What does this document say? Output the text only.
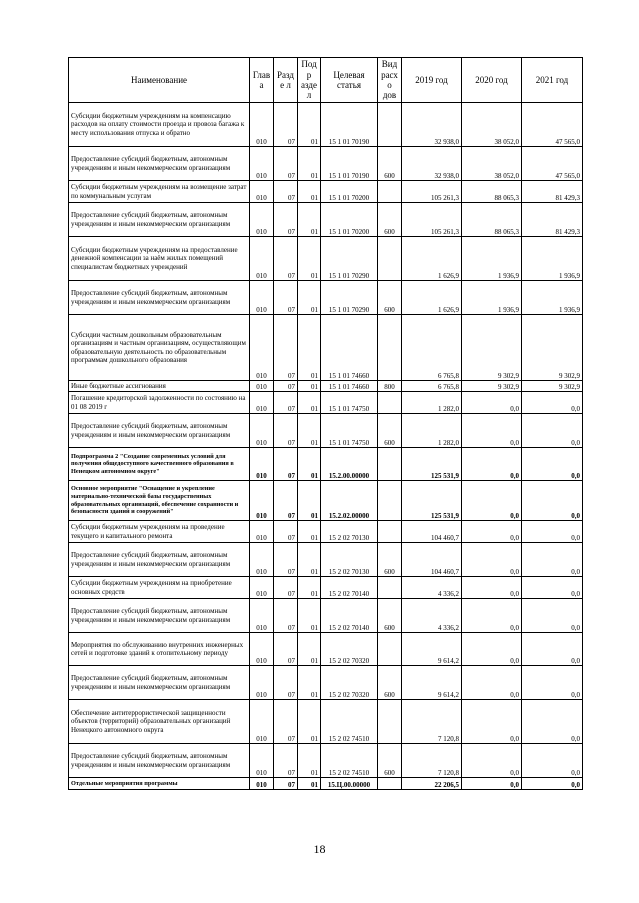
Наименование	Глав а	Разде л	Подр аздел	Целевая статья	Вид расхо дов	2019 год	2020 год	2021 год
Субсидии бюджетным учреждениям на компенсацию расходов на оплату стоимости проезда и провоза багажа к месту использования отпуска и обратно	010	07	01	15 1 01 70190		32 938,0	38 052,0	47 565,0
Предоставление субсидий бюджетным, автономным учреждениям и иным некоммерческим организациям	010	07	01	15 1 01 70190	600	32 938,0	38 052,0	47 565,0
Субсидии бюджетным учреждениям на возмещение затрат по коммунальным услугам	010	07	01	15 1 01 70200		105 261,3	88 065,3	81 429,3
Предоставление субсидий бюджетным, автономным учреждениям и иным некоммерческим организациям	010	07	01	15 1 01 70200	600	105 261,3	88 065,3	81 429,3
Субсидии бюджетным учреждениям на предоставление денежной компенсации за наём жилых помещений специалистам бюджетных учреждений	010	07	01	15 1 01 70290		1 626,9	1 936,9	1 936,9
Предоставление субсидий бюджетным, автономным учреждениям и иным некоммерческим организациям	010	07	01	15 1 01 70290	600	1 626,9	1 936,9	1 936,9
Субсидии частным дошкольным образовательным организациям и частным организациям, осуществляющим образовательную деятельность по образовательным программам дошкольного образования	010	07	01	15 1 01 74660		6 765,8	9 302,9	9 302,9
Иные бюджетные ассигнования	010	07	01	15 1 01 74660	800	6 765,8	9 302,9	9 302,9
Погашение кредиторской задолженности по состоянию на 01 08 2019 г	010	07	01	15 1 01 74750		1 282,0	0,0	0,0
Предоставление субсидий бюджетным, автономным учреждениям и иным некоммерческим организациям	010	07	01	15 1 01 74750	600	1 282,0	0,0	0,0
Подпрограмма 2 "Создание современных условий для получения общедоступного качественного образования в Ненецком автономном округе"	010	07	01	15.2.00.00000		125 531,9	0,0	0,0
Основное мероприятие "Оснащение и укрепление материально-технической базы государственных образовательных организаций, обеспечение сохранности и безопасности зданий и сооружений"	010	07	01	15.2.02.00000		125 531,9	0,0	0,0
Субсидии бюджетным учреждениям на проведение текущего и капитального ремонта	010	07	01	15 2 02 70130		104 460,7	0,0	0,0
Предоставление субсидий бюджетным, автономным учреждениям и иным некоммерческим организациям	010	07	01	15 2 02 70130	600	104 460,7	0,0	0,0
Субсидии бюджетным учреждениям на приобретение основных средств	010	07	01	15 2 02 70140		4 336,2	0,0	0,0
Предоставление субсидий бюджетным, автономным учреждениям и иным некоммерческим организациям	010	07	01	15 2 02 70140	600	4 336,2	0,0	0,0
Мероприятия по обслуживанию внутренних инженерных сетей и подготовке зданий к отопительному периоду	010	07	01	15 2 02 70320		9 614,2	0,0	0,0
Предоставление субсидий бюджетным, автономным учреждениям и иным некоммерческим организациям	010	07	01	15 2 02 70320	600	9 614,2	0,0	0,0
Обеспечение антитеррористической защищенности объектов (территорий) образовательных организаций Ненецкого автономного округа	010	07	01	15 2 02 74510		7 120,8	0,0	0,0
Предоставление субсидий бюджетным, автономным учреждениям и иным некоммерческим организациям	010	07	01	15 2 02 74510	600	7 120,8	0,0	0,0
Отдельные мероприятия программы	010	07	01	15.Ц.00.00000		22 206,5	0,0	0,0
18
